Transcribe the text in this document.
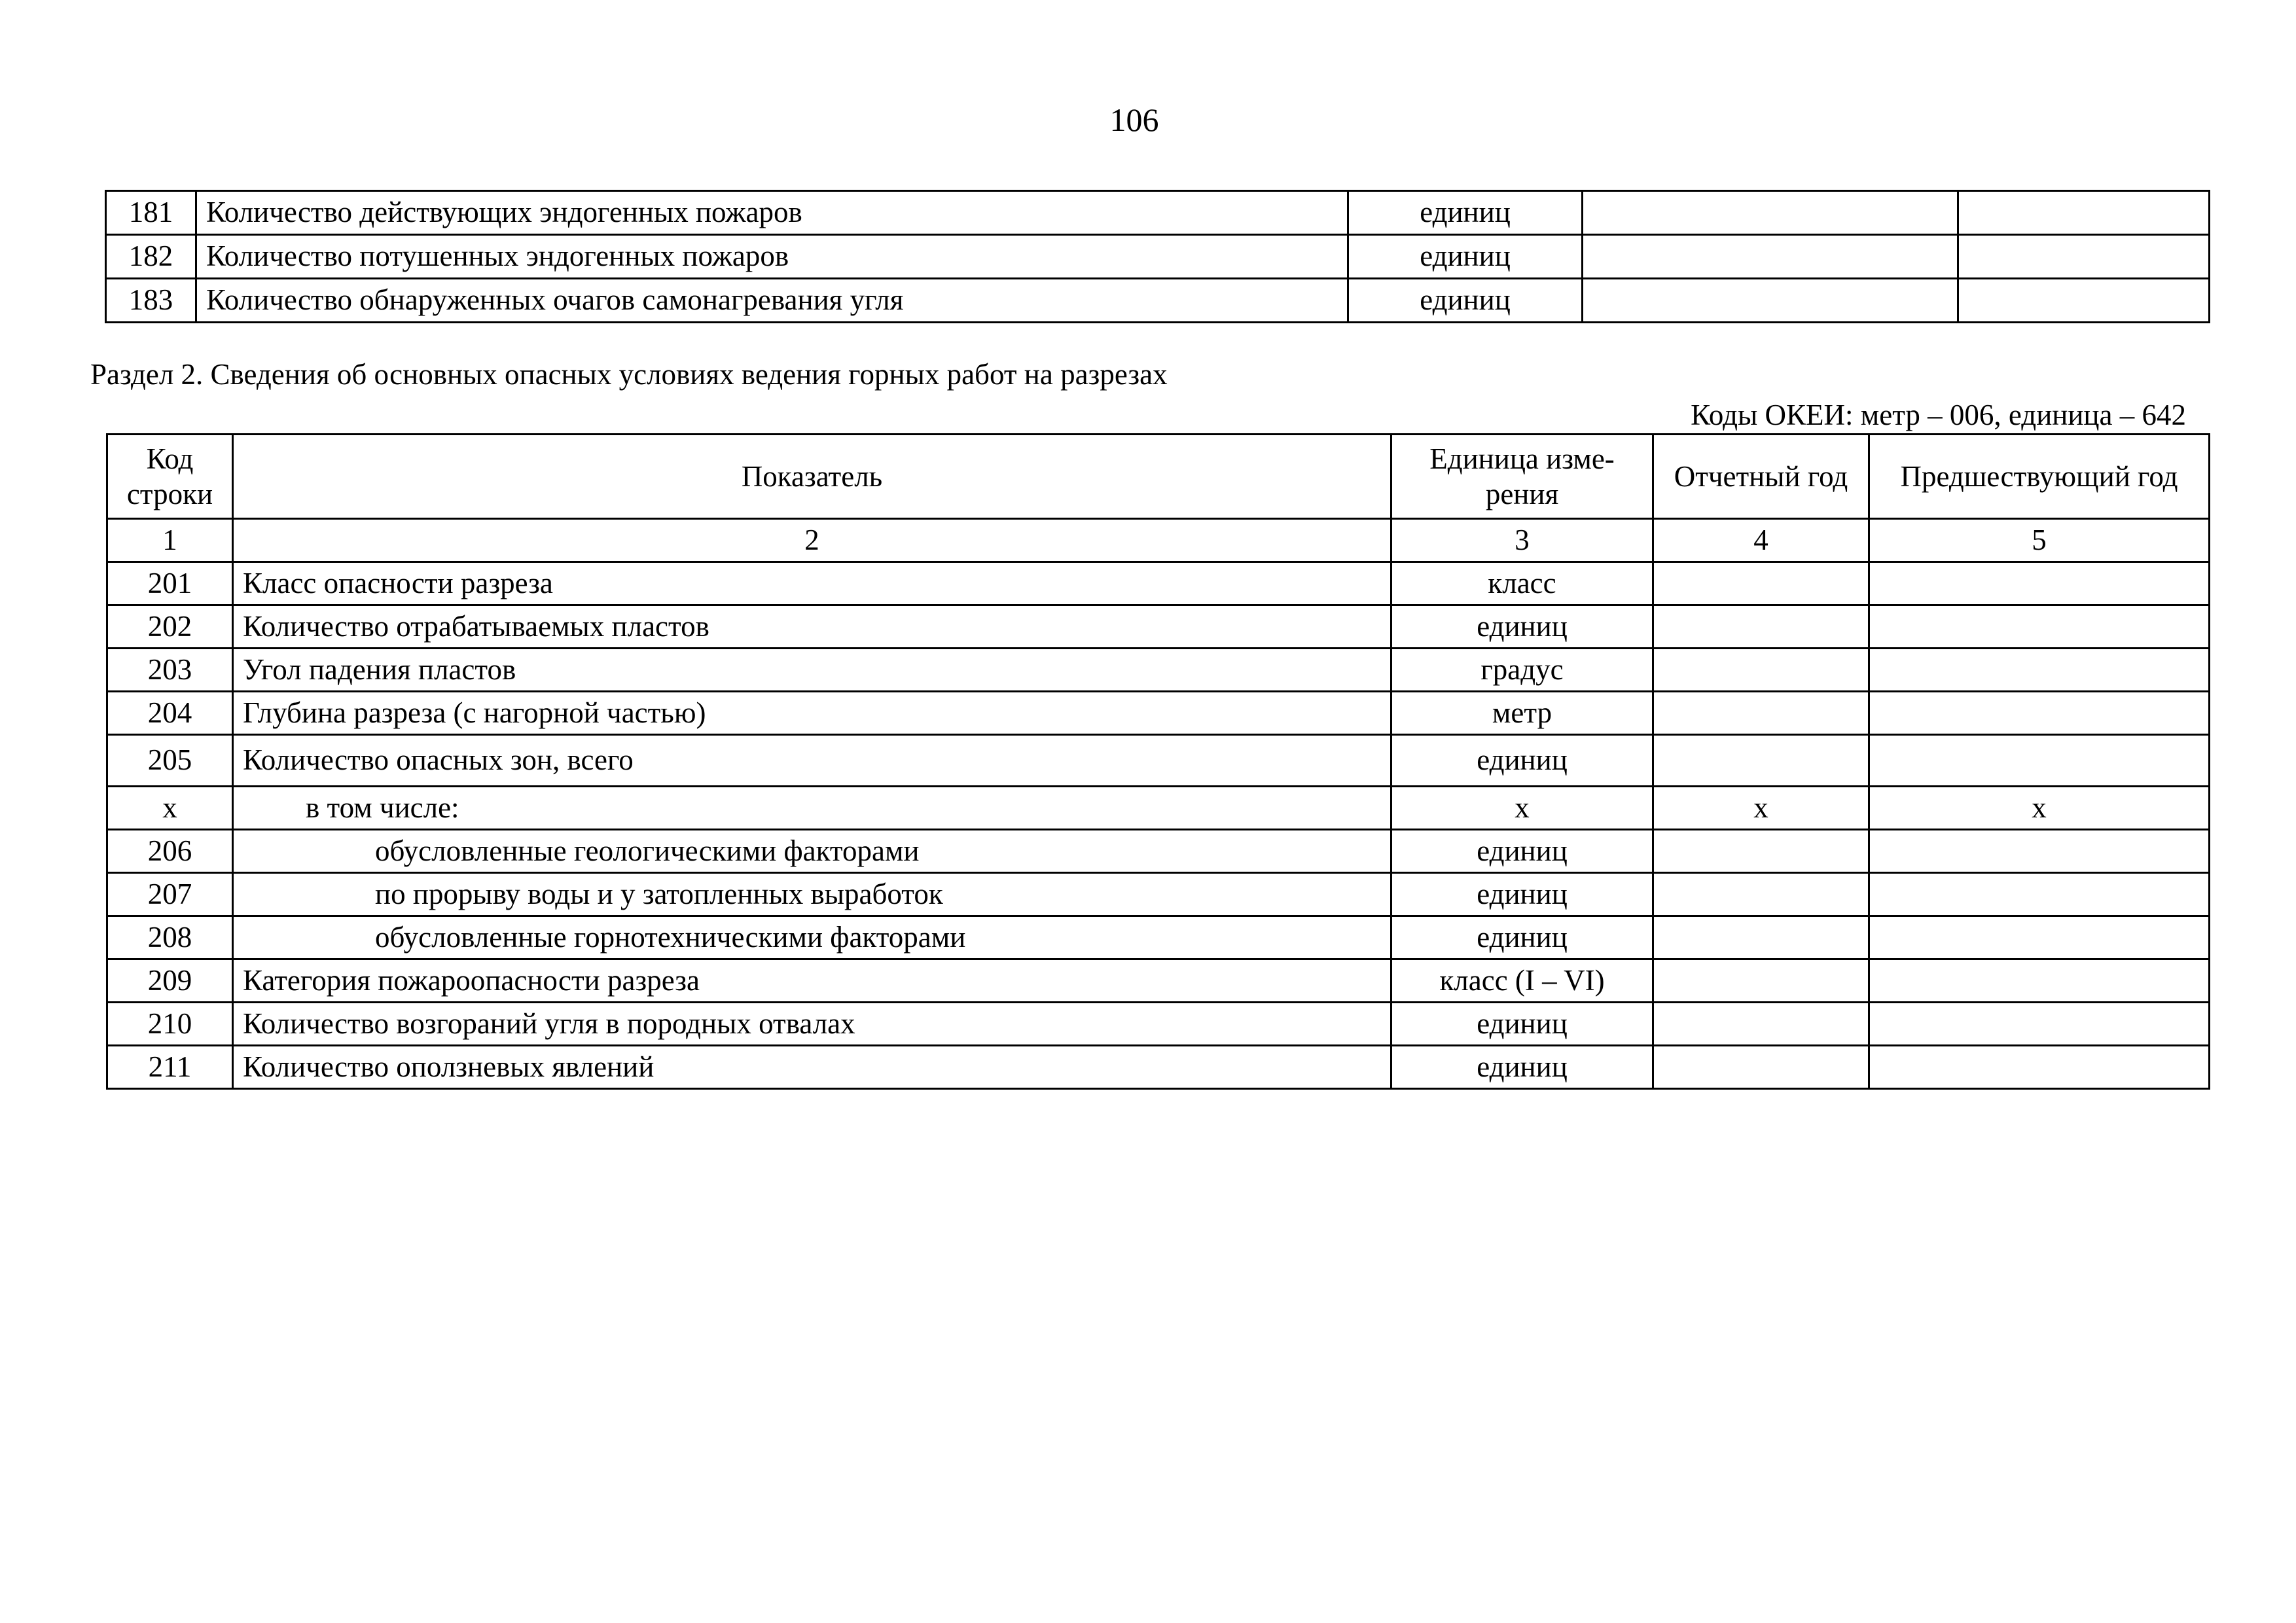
106
181	Количество действующих эндогенных пожаров	единиц		
182	Количество потушенных эндогенных пожаров	единиц		
183	Количество обнаруженных очагов самонагревания угля	единиц		
Раздел 2. Сведения об основных опасных условиях ведения горных работ на разрезах
Коды ОКЕИ: метр – 006, единица – 642
Код строки	Показатель	Единица изме-рения	Отчетный год	Предшествующий год
1	2	3	4	5
201	Класс опасности разреза	класс		
202	Количество отрабатываемых пластов	единиц		
203	Угол падения пластов	градус		
204	Глубина разреза (с нагорной частью)	метр		
205	Количество опасных зон, всего	единиц		
х	в том числе:	х	х	х
206	обусловленные геологическими факторами	единиц		
207	по прорыву воды и у затопленных выработок	единиц		
208	обусловленные горнотехническими факторами	единиц		
209	Категория пожароопасности разреза	класс (I – VI)		
210	Количество возгораний угля в породных отвалах	единиц		
211	Количество оползневых явлений	единиц		
